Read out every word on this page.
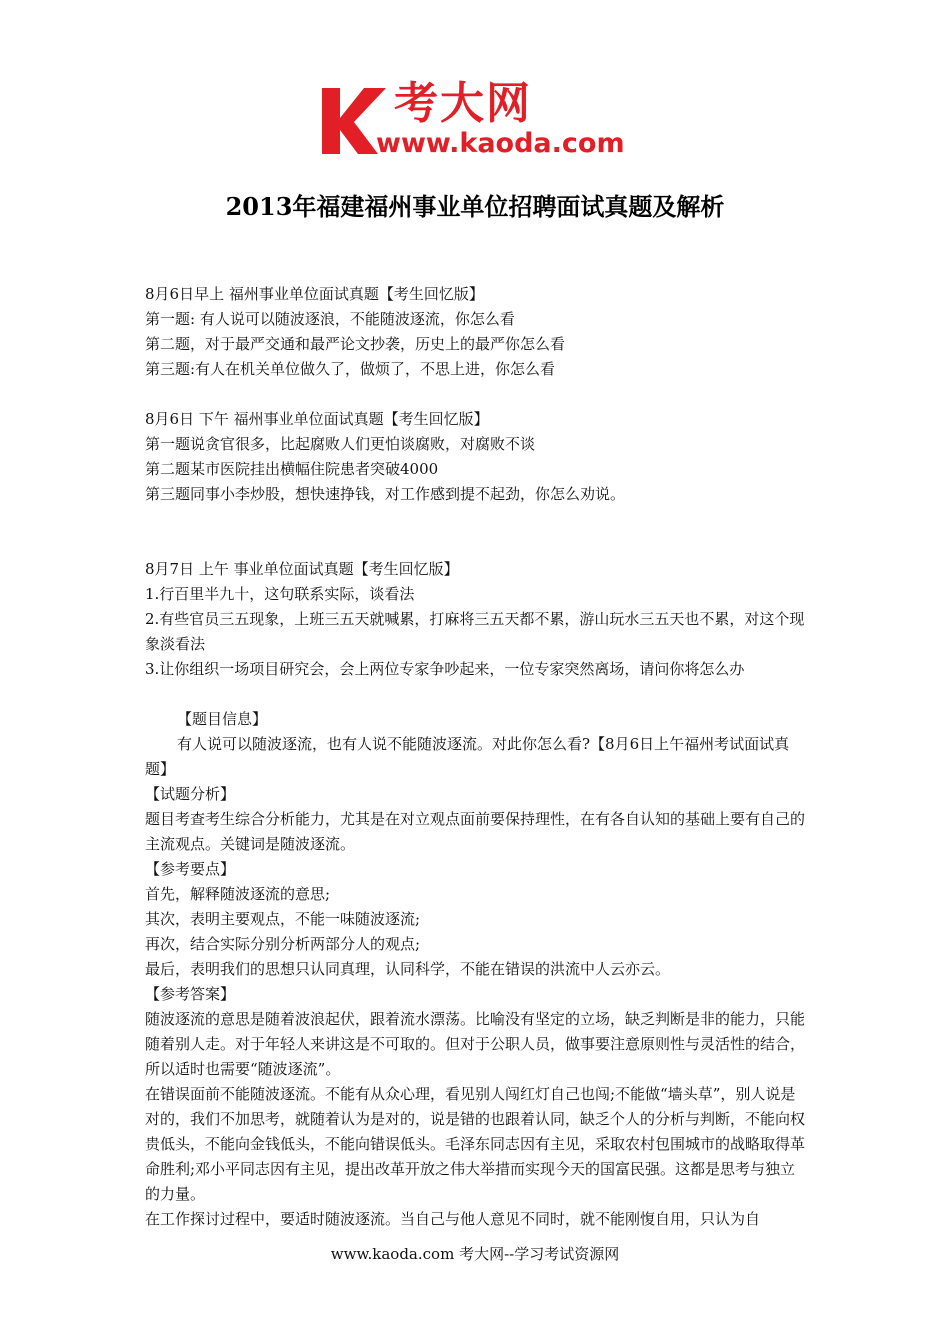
考大网
www.kaoda.com
2013年福建福州事业单位招聘面试真题及解析

8月6日早上 福州事业单位面试真题【考生回忆版】

第一题: 有人说可以随波逐浪，不能随波逐流，你怎么看

第二题，对于最严交通和最严论文抄袭，历史上的最严你怎么看

第三题:有人在机关单位做久了，做烦了，不思上进，你怎么看

8月6日 下午 福州事业单位面试真题【考生回忆版】

第一题说贪官很多，比起腐败人们更怕谈腐败，对腐败不谈

第二题某市医院挂出横幅住院患者突破4000

第三题同事小李炒股，想快速挣钱，对工作感到提不起劲，你怎么劝说。

8月7日 上午 事业单位面试真题【考生回忆版】

1.行百里半九十，这句联系实际，谈看法

2.有些官员三五现象，上班三五天就喊累，打麻将三五天都不累，游山玩水三五天也不累，对这个现象淡看法

3.让你组织一场项目研究会，会上两位专家争吵起来，一位专家突然离场，请问你将怎么办

【题目信息】

有人说可以随波逐流，也有人说不能随波逐流。对此你怎么看?【8月6日上午福州考试面试真题】

【试题分析】

题目考查考生综合分析能力，尤其是在对立观点面前要保持理性，在有各自认知的基础上要有自己的主流观点。关键词是随波逐流。

【参考要点】

首先，解释随波逐流的意思;

其次，表明主要观点，不能一味随波逐流;

再次，结合实际分别分析两部分人的观点;

最后，表明我们的思想只认同真理，认同科学，不能在错误的洪流中人云亦云。

【参考答案】

随波逐流的意思是随着波浪起伏，跟着流水漂荡。比喻没有坚定的立场，缺乏判断是非的能力，只能随着别人走。对于年轻人来讲这是不可取的。但对于公职人员，做事要注意原则性与灵活性的结合，所以适时也需要“随波逐流”。

在错误面前不能随波逐流。不能有从众心理，看见别人闯红灯自己也闯;不能做“墙头草”，别人说是对的，我们不加思考，就随着认为是对的，说是错的也跟着认同，缺乏个人的分析与判断，不能向权贵低头，不能向金钱低头，不能向错误低头。毛泽东同志因有主见，采取农村包围城市的战略取得革命胜利;邓小平同志因有主见，提出改革开放之伟大举措而实现今天的国富民强。这都是思考与独立的力量。

在工作探讨过程中，要适时随波逐流。当自己与他人意见不同时，就不能刚愎自用，只认为自

www.kaoda.com 考大网--学习考试资源网
